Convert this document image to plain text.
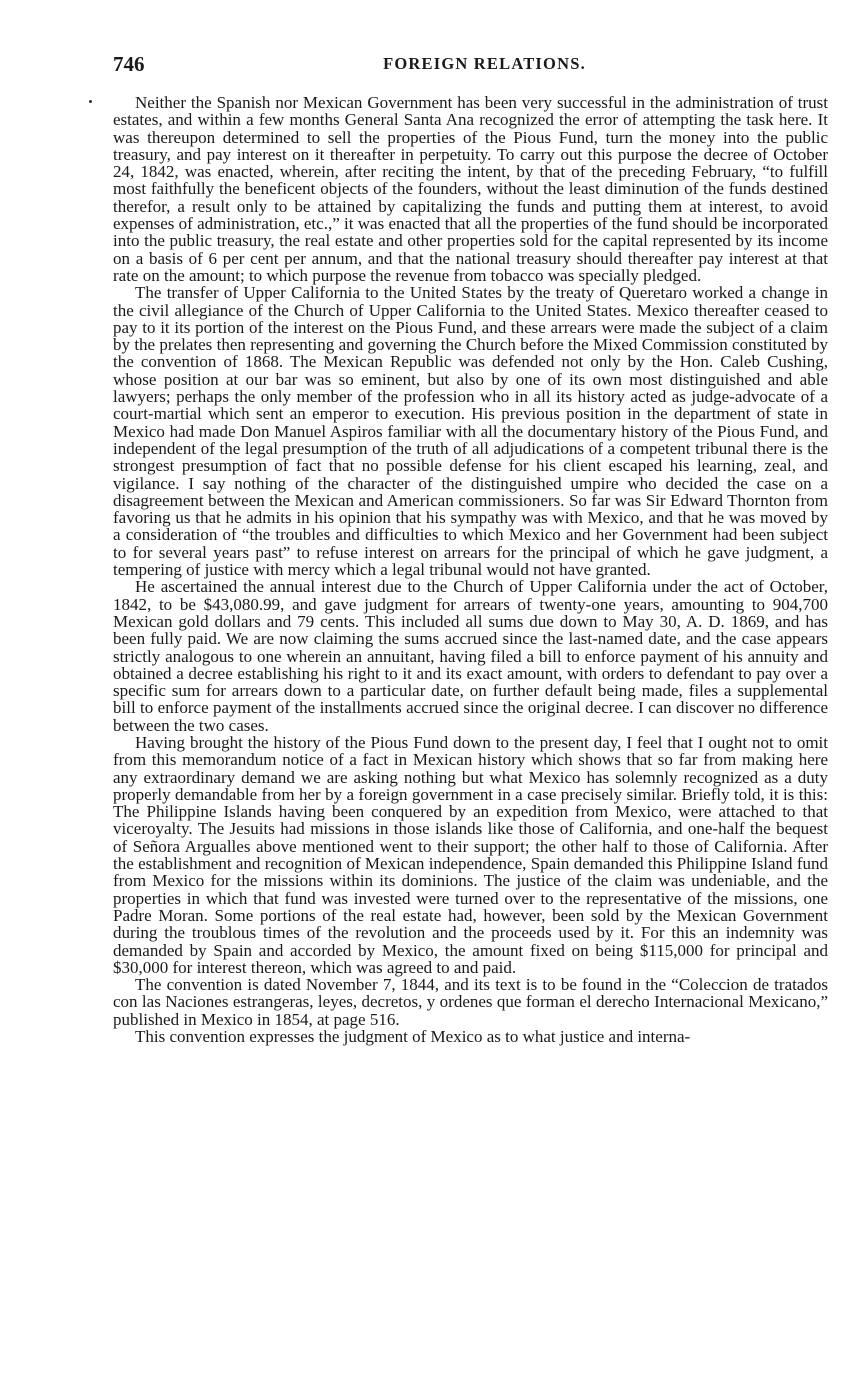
746	FOREIGN RELATIONS.

Neither the Spanish nor Mexican Government has been very successful in the administration of trust estates, and within a few months General Santa Ana recognized the error of attempting the task here. It was thereupon determined to sell the properties of the Pious Fund, turn the money into the public treasury, and pay interest on it thereafter in perpetuity. To carry out this purpose the decree of October 24, 1842, was enacted, wherein, after reciting the intent, by that of the preceding February, “to fulfill most faithfully the beneficent objects of the founders, without the least diminution of the funds destined therefor, a result only to be attained by capitalizing the funds and putting them at interest, to avoid expenses of administration, etc.,” it was enacted that all the properties of the fund should be incorporated into the public treasury, the real estate and other properties sold for the capital represented by its income on a basis of 6 per cent per annum, and that the national treasury should thereafter pay interest at that rate on the amount; to which purpose the revenue from tobacco was specially pledged.

The transfer of Upper California to the United States by the treaty of Queretaro worked a change in the civil allegiance of the Church of Upper California to the United States. Mexico thereafter ceased to pay to it its portion of the interest on the Pious Fund, and these arrears were made the subject of a claim by the prelates then representing and governing the Church before the Mixed Commission constituted by the convention of 1868. The Mexican Republic was defended not only by the Hon. Caleb Cushing, whose position at our bar was so eminent, but also by one of its own most distinguished and able lawyers; perhaps the only member of the profession who in all its history acted as judge-advocate of a court-martial which sent an emperor to execution. His previous position in the department of state in Mexico had made Don Manuel Aspiros familiar with all the documentary history of the Pious Fund, and independent of the legal presumption of the truth of all adjudications of a competent tribunal there is the strongest presumption of fact that no possible defense for his client escaped his learning, zeal, and vigilance. I say nothing of the character of the distinguished umpire who decided the case on a disagreement between the Mexican and American commissioners. So far was Sir Edward Thornton from favoring us that he admits in his opinion that his sympathy was with Mexico, and that he was moved by a consideration of “the troubles and difficulties to which Mexico and her Government had been subject to for several years past” to refuse interest on arrears for the principal of which he gave judgment, a tempering of justice with mercy which a legal tribunal would not have granted.

He ascertained the annual interest due to the Church of Upper California under the act of October, 1842, to be $43,080.99, and gave judgment for arrears of twenty-one years, amounting to 904,700 Mexican gold dollars and 79 cents. This included all sums due down to May 30, A. D. 1869, and has been fully paid. We are now claiming the sums accrued since the last-named date, and the case appears strictly analogous to one wherein an annuitant, having filed a bill to enforce payment of his annuity and obtained a decree establishing his right to it and its exact amount, with orders to defendant to pay over a specific sum for arrears down to a particular date, on further default being made, files a supplemental bill to enforce payment of the installments accrued since the original decree. I can discover no difference between the two cases.

Having brought the history of the Pious Fund down to the present day, I feel that I ought not to omit from this memorandum notice of a fact in Mexican history which shows that so far from making here any extraordinary demand we are asking nothing but what Mexico has solemnly recognized as a duty properly demandable from her by a foreign government in a case precisely similar. Briefly told, it is this: The Philippine Islands having been conquered by an expedition from Mexico, were attached to that viceroyalty. The Jesuits had missions in those islands like those of California, and one-half the bequest of Señora Argualles above mentioned went to their support; the other half to those of California. After the establishment and recognition of Mexican independence, Spain demanded this Philippine Island fund from Mexico for the missions within its dominions. The justice of the claim was undeniable, and the properties in which that fund was invested were turned over to the representative of the missions, one Padre Moran. Some portions of the real estate had, however, been sold by the Mexican Government during the troublous times of the revolution and the proceeds used by it. For this an indemnity was demanded by Spain and accorded by Mexico, the amount fixed on being $115,000 for principal and $30,000 for interest thereon, which was agreed to and paid.

The convention is dated November 7, 1844, and its text is to be found in the “Coleccion de tratados con las Naciones estrangeras, leyes, decretos, y ordenes que forman el derecho Internacional Mexicano,” published in Mexico in 1854, at page 516.

This convention expresses the judgment of Mexico as to what justice and interna-
